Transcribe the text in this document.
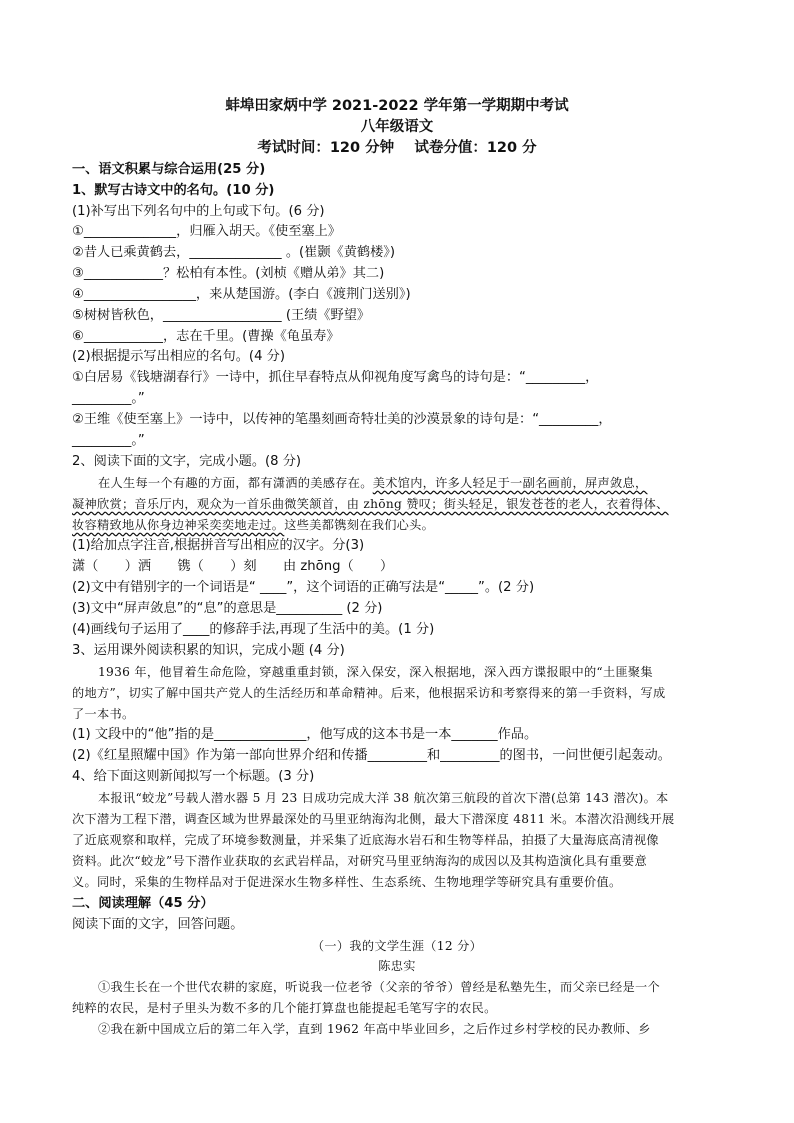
蚌埠田家炳中学 2021-2022 学年第一学期期中考试
八年级语文
考试时间：120 分钟    试卷分值：120 分
一、语文积累与综合运用(25 分)
1、默写古诗文中的名句。(10 分)
(1)补写出下列名句中的上句或下句。(6 分)
①______________，归雁入胡天。《使至塞上》
②昔人已乘黄鹤去，______________ 。(崔颢《黄鹤楼》)
③____________？松柏有本性。(刘桢《赠从弟》其二)
④_________________，来从楚国游。(李白《渡荆门送别》)
⑤树树皆秋色，__________________ (王绩《野望》
⑥____________，志在千里。(曹操《龟虽寿》
(2)根据提示写出相应的名句。(4 分)
①白居易《钱塘湖春行》一诗中，抓住早春特点从仰视角度写禽鸟的诗句是：“_________，
_________。”
②王维《使至塞上》一诗中，以传神的笔墨刻画奇特壮美的沙漠景象的诗句是：“_________，
_________。”
2、阅读下面的文字，完成小题。(8 分)
在人生每一个有趣的方面，都有潇洒的美感存在。美术馆内，许多人轻足于一副名画前，屏声敛息，
凝神欣赏；音乐厅内，观众为一首乐曲微笑颔首，由 zhōng 赞叹；街头轻足，银发苍苍的老人，衣着得体、
妆容精致地从你身边神采奕奕地走过。这些美都镌刻在我们心头。
(1)给加点字注音,根据拼音写出相应的汉字。分(3)
潇（　　）洒　　镌（　　）刻　　由 zhōng（　　）
(2)文中有错别字的一个词语是“ ____”，这个词语的正确写法是“_____”。(2 分)
(3)文中“屏声敛息”的“息”的意思是__________ (2 分)
(4)画线句子运用了____的修辞手法,再现了生活中的美。(1 分)
3、运用课外阅读积累的知识，完成小题 (4 分)
1936 年，他冒着生命危险，穿越重重封锁，深入保安，深入根据地，深入西方谍报眼中的“土匪聚集
的地方”，切实了解中国共产党人的生活经历和革命精神。后来，他根据采访和考察得来的第一手资料，写成
了一本书。
(1) 文段中的“他”指的是______________，他写成的这本书是一本_______作品。
(2)《红星照耀中国》作为第一部向世界介绍和传播_________和_________的图书，一问世便引起轰动。
4、给下面这则新闻拟写一个标题。(3 分)
本报讯“蛟龙”号载人潜水器 5 月 23 日成功完成大洋 38 航次第三航段的首次下潜(总第 143 潜次)。本
次下潜为工程下潜，调查区域为世界最深处的马里亚纳海沟北侧，最大下潜深度 4811 米。本潜次沿测线开展
了近底观察和取样，完成了环境参数测量，并采集了近底海水岩石和生物等样品，拍摄了大量海底高清视像
资料。此次“蛟龙”号下潜作业获取的玄武岩样品，对研究马里亚纳海沟的成因以及其构造演化具有重要意
义。同时，采集的生物样品对于促进深水生物多样性、生态系统、生物地理学等研究具有重要价值。
二、阅读理解（45 分）
阅读下面的文字，回答问题。
（一）我的文学生涯（12 分）
陈忠实
①我生长在一个世代农耕的家庭，听说我一位老爷（父亲的爷爷）曾经是私塾先生，而父亲已经是一个
纯粹的农民，是村子里头为数不多的几个能打算盘也能提起毛笔写字的农民。
②我在新中国成立后的第二年入学，直到 1962 年高中毕业回乡，之后作过乡村学校的民办教师、乡
